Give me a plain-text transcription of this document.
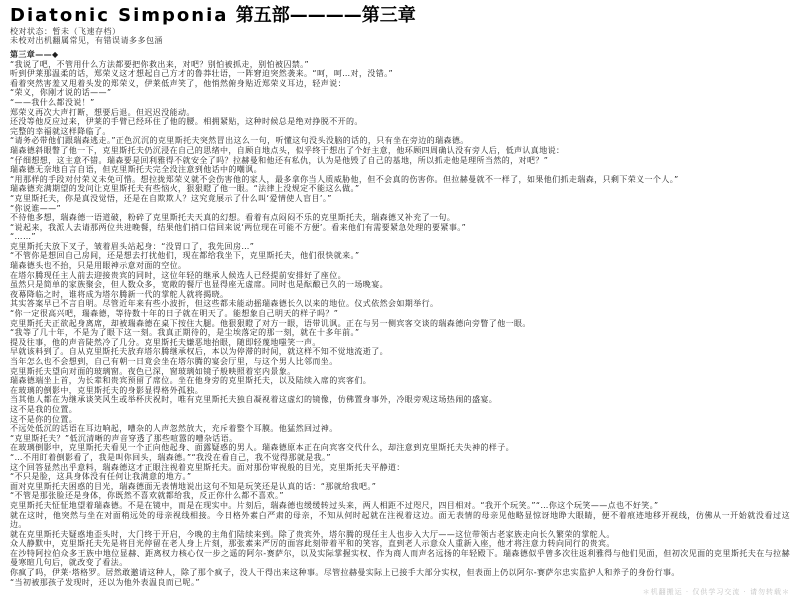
Diatonic Simponia 第五部————第三章
校对状态：暂未（飞速存档）
未校对出机翻属常见，有错误请多多包涵
第三章——◆
“我说了吧，不管用什么方法都要把你救出来，对吧？别怕被抓走，别怕被囚禁。”
听到伊莱那温柔的话，郑荣义这才想起自己方才的鲁莽壮语，一阵窘迫突然袭来。“呵，呵…对，没错。”
看着突然害羞又甩着头发的郑荣义，伊莱低声笑了，他悄然俯身贴近郑荣义耳边，轻声说：
“荣义，你刚才说的话——”
“——我什么都没说！”
郑荣义再次大声打断，想要后退。但迟迟没能动。
还没等他反应过来，伊莱的手臂已经环住了他的腰。相拥紧贴，这种时候总是绝对挣脱不开的。
完整的幸福就这样降临了。
“请务必带他们跟瑞森逃走。”正色沉沉的克里斯托夫突然冒出这么一句，听懂这句没头没脑的话的，只有坐在旁边的瑞森德。
瑞森德斜眼瞥了他一下，克里斯托夫仍沉浸在自己的思绪中，自顾自地点头，似乎终于想出了个好主意，他环顾四周确认没有旁人后，低声认真地说：
“仔细想想，这主意不错。瑞森要是回利雅得不就安全了吗？拉赫曼和他还有私仇，认为是他毁了自己的基地，所以抓走他是理所当然的，对吧？”
瑞森德无奈地自言自语，但克里斯托夫完全没注意到他话中的嘲讽。
“用那样的手段对付荣义未免可惜。想拉拢郑荣义就不会伤害他的家人，最多拿你当人质威胁他，但不会真的伤害你。但拉赫曼就不一样了，如果他们抓走瑞森，只剩下荣义一个人。”
瑞森德充满期望的发问让克里斯托夫有些恼火，狠狠瞪了他一眼。“法律上没规定不能这么做。”
“克里斯托夫，你是真没觉悟，还是在自欺欺人？这究竟展示了什么叫‘爱情使人盲目’。”
“你说谁——”
不待他多想，瑞森德一语道破，粉碎了克里斯托夫天真的幻想。看着有点闷闷不乐的克里斯托夫，瑞森德又补充了一句。
“说起来，我派人去请那两位共进晚餐，结果他们捎口信回来说‘两位现在可能不方便’。看来他们有需要紧急处理的要紧事。”
“……”
克里斯托夫放下叉子，皱着眉头站起身：“没胃口了，我先回房…”
“不管你是想回自己房间，还是想去打扰他们，现在都给我坐下，克里斯托夫，他们很快就来。”
瑞森德头也不抬，只是用眼神示意对面的空位。
在塔尔腾现任主人前去迎接贵宾的同时，这位年轻的继承人候选人已经提前安排好了座位。
虽然只是简单的家族聚会，但人数众多，宽敞的餐厅也显得座无虚席。同时也是酝酿已久的一场晚宴。
夜幕降临之时，谁将成为塔尔腾新一代的掌舵人就将揭晓。
其实答案早已不言自明。尽管近年来有些小波折，但这些都未能动摇瑞森德长久以来的地位。仪式依然会如期举行。
“你一定很高兴吧，瑞森德，等待数十年的日子就在明天了。能想象自己明天的样子吗？”
克里斯托夫正欲起身离席，却被瑞森德在桌下按住大腿。他狠狠瞪了对方一眼，语带讥讽。正在与另一侧宾客交谈的瑞森德向旁瞥了他一眼。
“我等了几十年，不是为了眼下这一刻。我真正期待的，是尘埃落定的那一刻，就在十多年前。”
提及往事，他的声音陡然冷了几分。克里斯托夫嫌恶地抬眼，随即轻蔑地嗤笑一声。
早就该料到了。自从克里斯托夫放弃塔尔腾继承权后，本以为停滞的时间，就这样不知不觉地流逝了。
当年怎么也不会想到，自己有朝一日竟会坐在塔尔腾的宴会厅里，与这个男人比邻而坐。
克里斯托夫望向对面的玻璃窗。夜色已深，窗玻璃如镜子般映照着室内景象。
瑞森德端坐上首，为长辈和贵宾预留了席位。坐在他身旁的克里斯托夫，以及陆续入席的宾客们。
在玻璃的倒影中，克里斯托夫的身影显得格外孤独。
当其他人都在为继承谈笑风生或举杯庆祝时，唯有克里斯托夫独自凝视着这虚幻的镜像，仿佛置身事外，冷眼旁观这场热闹的盛宴。
这不是我的位置。
这不是你的位置。
不远处低沉的话语在耳边响起，嘈杂的人声忽然放大，充斥着整个耳膜。他猛然回过神。
“克里斯托夫？”低沉清晰的声音穿透了那些喧嚣的嘈杂话语。
在玻璃倒影中，克里斯托夫看见一个正向他起身、面露疑惑的男人。瑞森德原本正在向宾客交代什么，却注意到克里斯托夫失神的样子。
“…不用盯着倒影看了，我是叫你回头，瑞森德。”“我没在看自己，我不觉得那就是我。”
这个回答显然出乎意料，瑞森德这才正眼注视着克里斯托夫。面对那份审视般的目光，克里斯托夫平静道：
“不只是脸，这具身体没有任何让我满意的地方。”
面对克里斯托夫困惑的目光，瑞森德面无表情地说出这句不知是玩笑还是认真的话：“那就给我吧。”
“不管是那张脸还是身体，你既然不喜欢就都给我，反正你什么都不喜欢。”
克里斯托夫怔怔地望着瑞森德。不是在镜中，而是在现实中。片刻后，瑞森德也缓缓转过头来，两人相距不过咫尺，四目相对。“我开个玩笑。”“…你这个玩笑——点也不好笑。”
就在这时，他突然与坐在对面稍远处的母亲视线相接。今日格外素白严肃的母亲，不知从何时起就在注视着这边。面无表情的母亲见他略显惊讶地睁大眼睛，便不着痕迹地移开视线，仿佛从一开始就没看过这边。
就在克里斯托夫疑惑地歪头时，大门终于开启，今晚的主角们陆续来到。除了贵宾外，塔尔腾的现任主人也步入大厅——这位带领古老家族走向长久繁荣的掌舵人。
众人静默中，克里斯托夫先是将目光停留在老人身上片刻，那张素来严厉的面容此刻带着平和的笑容，直到老人示意众人重新入座，他才将注意力转向同行的贵宾。
在沙特阿拉伯众多王族中地位显赫、距离权力核心仅一步之遥的阿尔-赛萨尔，以及实际掌握实权、作为商人而声名远扬的年轻殿下。瑞森德似乎曾多次往返利雅得与他们见面，但初次见面的克里斯托夫在与拉赫曼寒暄几句后，就改变了看法。
你疯了吗，伊莱·塔格罗。居然敢邀请这种人，除了那个疯子，没人干得出来这种事。尽管拉赫曼实际上已接手大部分实权，但表面上仍以阿尔-赛萨尔忠实监护人和养子的身份行事。
“当初被那孩子发现时，还以为他外表温良而已呢。”
＊机翻搬运 · 仅供学习交流 · 请勿转载＊
